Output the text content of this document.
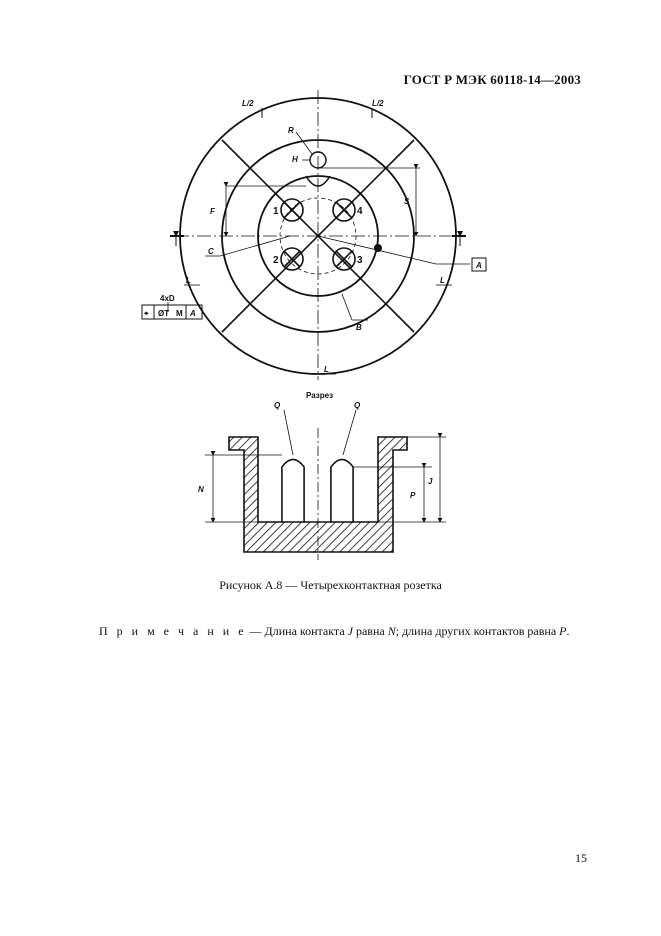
ГОСТ Р МЭК 60118-14—2003
L/2	L/2
R
H
F
S
C
B
L	L
L
A
1	4
2	3
4xD
⌖ ØT M A
Разрез
Q	Q
N
P
J
Рисунок А.8 — Четырехконтактная розетка
П р и м е ч а н и е — Длина контакта J равна N; длина других контактов равна P.
15
